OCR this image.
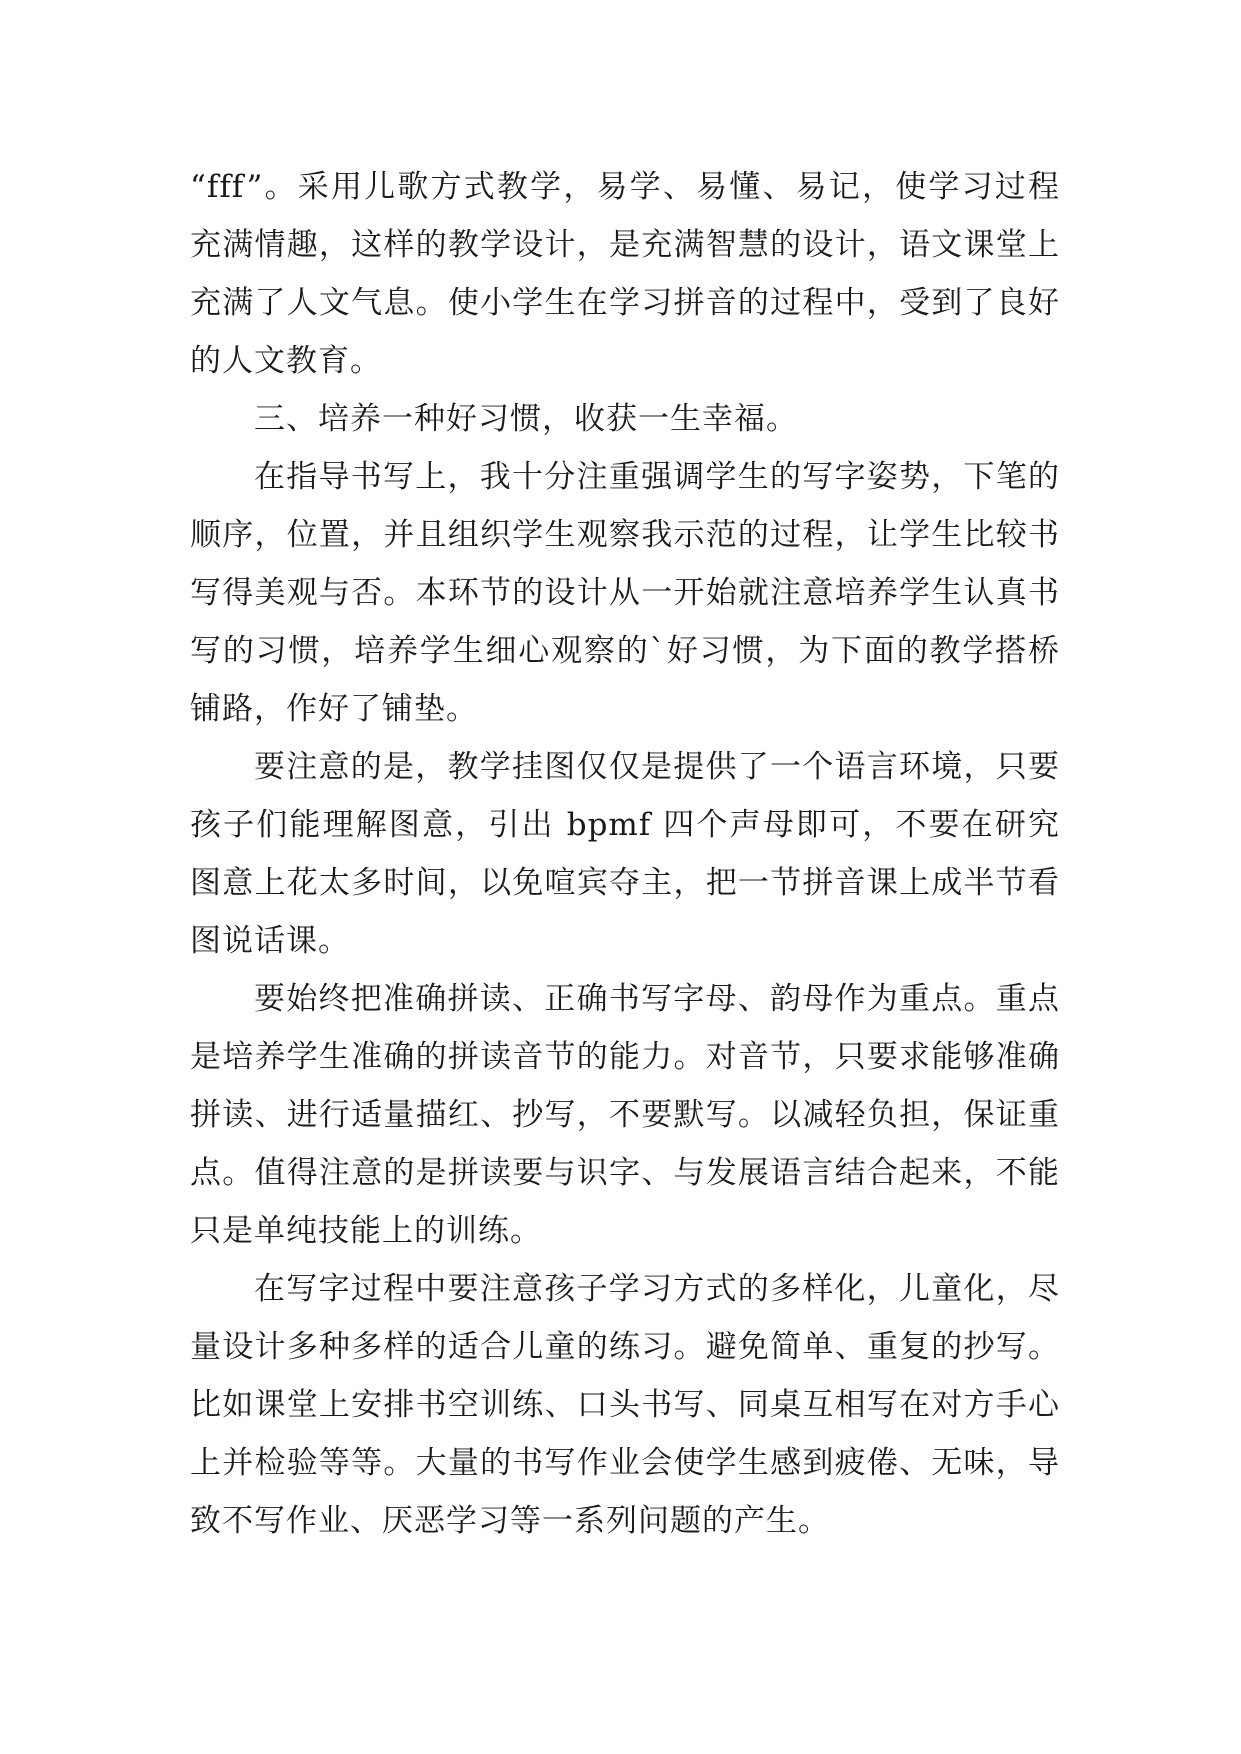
“fff”。采用儿歌方式教学，易学、易懂、易记，使学习过程充满情趣，这样的教学设计，是充满智慧的设计，语文课堂上充满了人文气息。使小学生在学习拼音的过程中，受到了良好的人文教育。

三、培养一种好习惯，收获一生幸福。

在指导书写上，我十分注重强调学生的写字姿势，下笔的顺序，位置，并且组织学生观察我示范的过程，让学生比较书写得美观与否。本环节的设计从一开始就注意培养学生认真书写的习惯，培养学生细心观察的`好习惯，为下面的教学搭桥铺路，作好了铺垫。

要注意的是，教学挂图仅仅是提供了一个语言环境，只要孩子们能理解图意，引出 bpmf 四个声母即可，不要在研究图意上花太多时间，以免喧宾夺主，把一节拼音课上成半节看图说话课。

要始终把准确拼读、正确书写字母、韵母作为重点。重点是培养学生准确的拼读音节的能力。对音节，只要求能够准确拼读、进行适量描红、抄写，不要默写。以减轻负担，保证重点。值得注意的是拼读要与识字、与发展语言结合起来，不能只是单纯技能上的训练。

在写字过程中要注意孩子学习方式的多样化，儿童化，尽量设计多种多样的适合儿童的练习。避免简单、重复的抄写。比如课堂上安排书空训练、口头书写、同桌互相写在对方手心上并检验等等。大量的书写作业会使学生感到疲倦、无味，导致不写作业、厌恶学习等一系列问题的产生。
